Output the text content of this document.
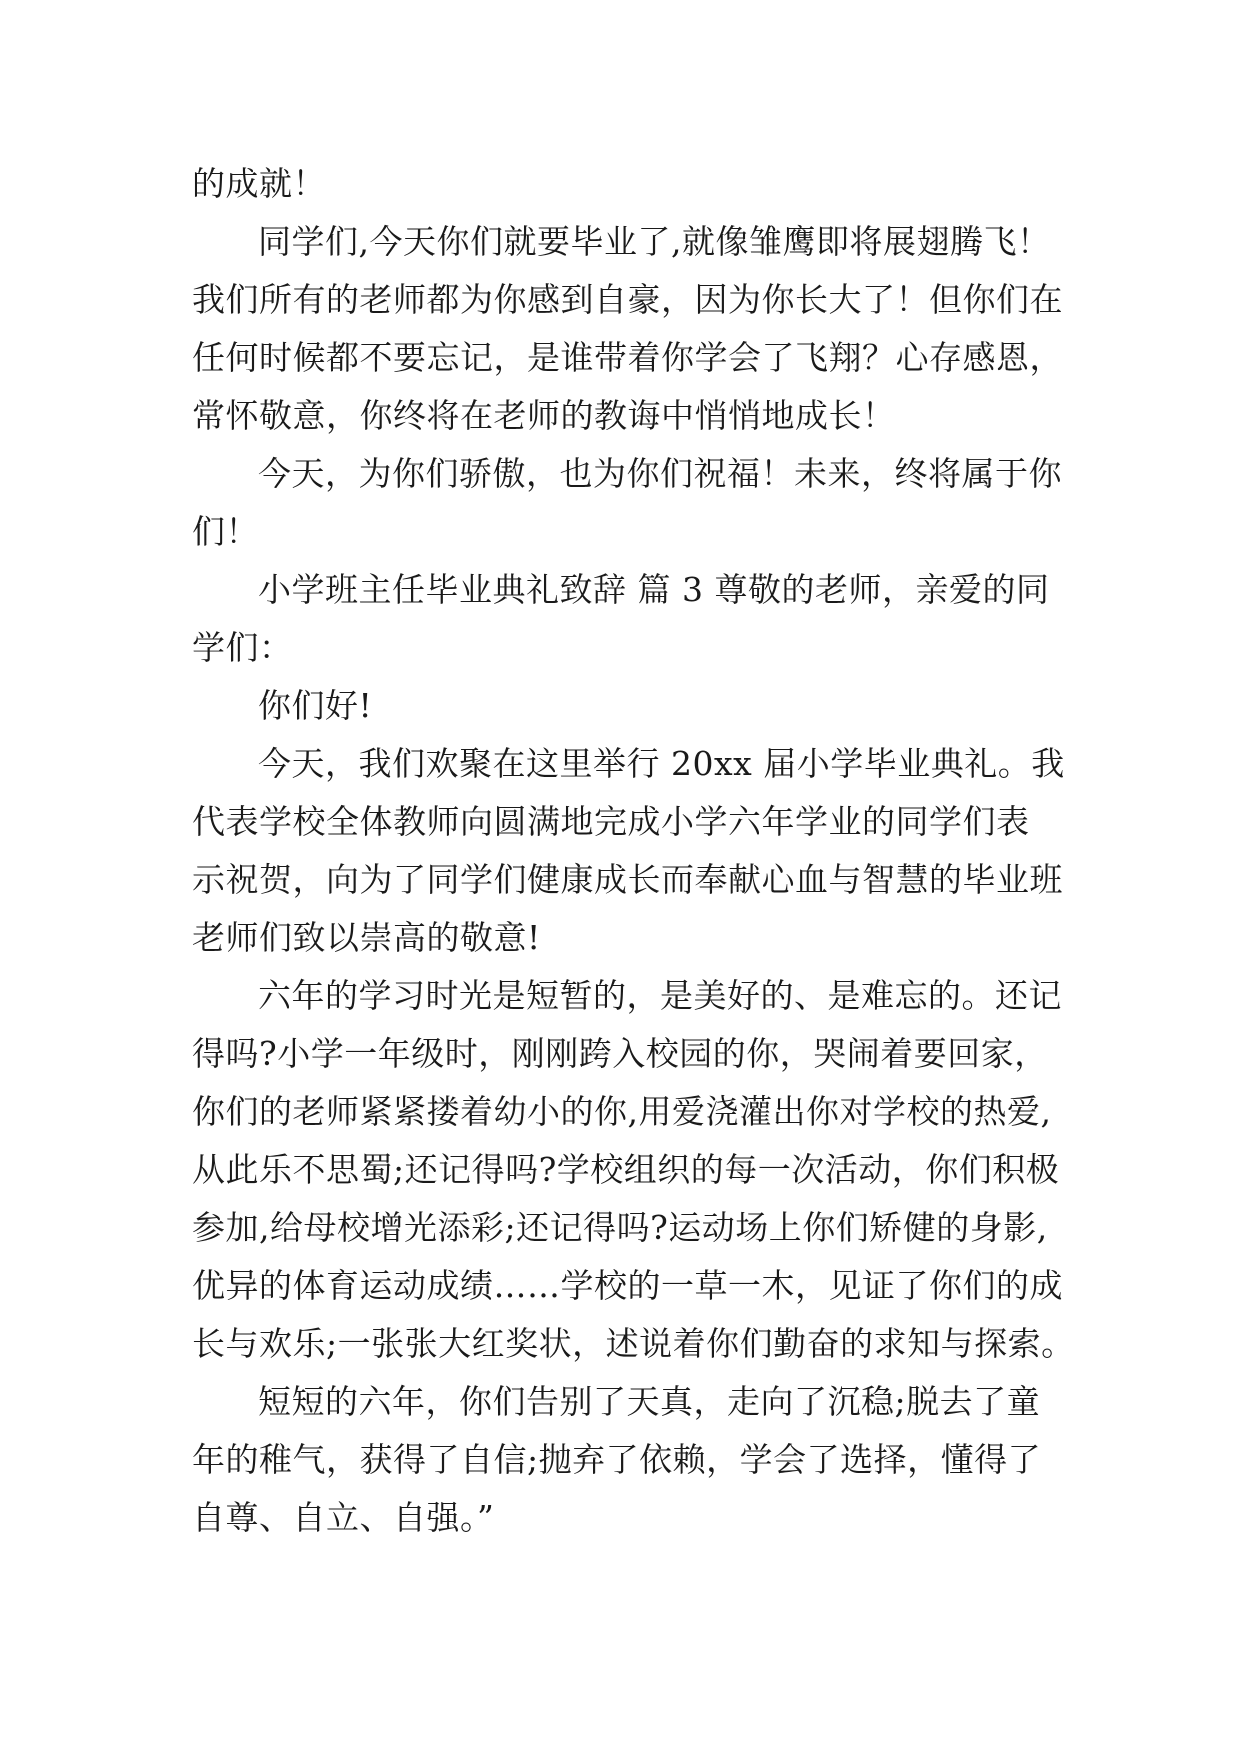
的成就！
同学们,今天你们就要毕业了,就像雏鹰即将展翅腾飞！
我们所有的老师都为你感到自豪，因为你长大了！但你们在
任何时候都不要忘记，是谁带着你学会了飞翔？心存感恩，
常怀敬意，你终将在老师的教诲中悄悄地成长！
今天，为你们骄傲，也为你们祝福！未来，终将属于你
们！
小学班主任毕业典礼致辞 篇 3 尊敬的老师，亲爱的同
学们：
你们好!
今天，我们欢聚在这里举行 20xx 届小学毕业典礼。我
代表学校全体教师向圆满地完成小学六年学业的同学们表
示祝贺，向为了同学们健康成长而奉献心血与智慧的毕业班
老师们致以崇高的敬意!
六年的学习时光是短暂的，是美好的、是难忘的。还记
得吗?小学一年级时，刚刚跨入校园的你，哭闹着要回家，
你们的老师紧紧搂着幼小的你,用爱浇灌出你对学校的热爱,
从此乐不思蜀;还记得吗?学校组织的每一次活动，你们积极
参加,给母校增光添彩;还记得吗?运动场上你们矫健的身影,
优异的体育运动成绩……学校的一草一木，见证了你们的成
长与欢乐;一张张大红奖状，述说着你们勤奋的求知与探索。
短短的六年，你们告别了天真，走向了沉稳;脱去了童
年的稚气，获得了自信;抛弃了依赖，学会了选择，懂得了
自尊、自立、自强。”
